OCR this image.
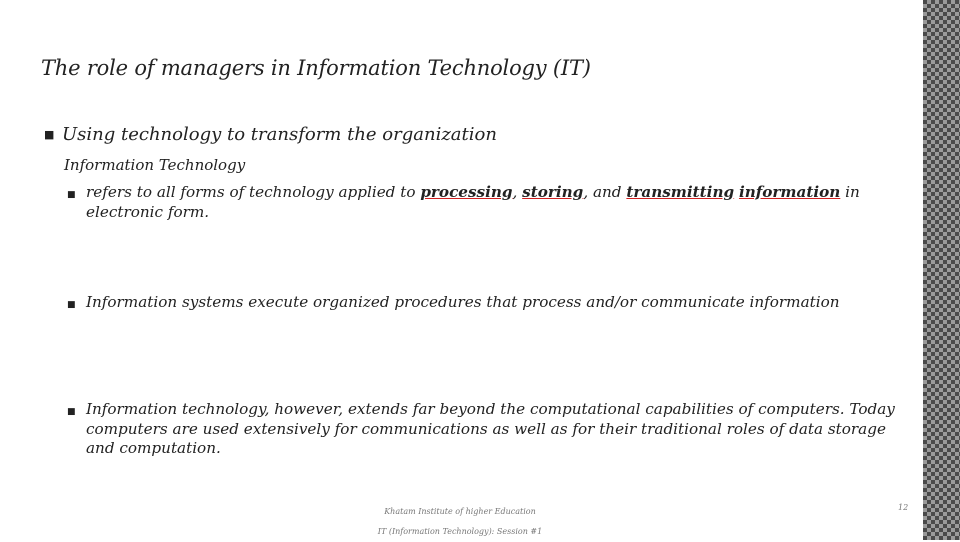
The role of managers in Information Technology (IT)
■ Using technology to transform the organization
Information Technology
■ refers to all forms of technology applied to processing, storing, and transmitting information in electronic form.
■ Information systems execute organized procedures that process and/or communicate information
■ Information technology, however, extends far beyond the computational capabilities of computers. Today computers are used extensively for communications as well as for their traditional roles of data storage and computation.
Khatam Institute of higher Education
IT (Information Technology): Session #1
12
